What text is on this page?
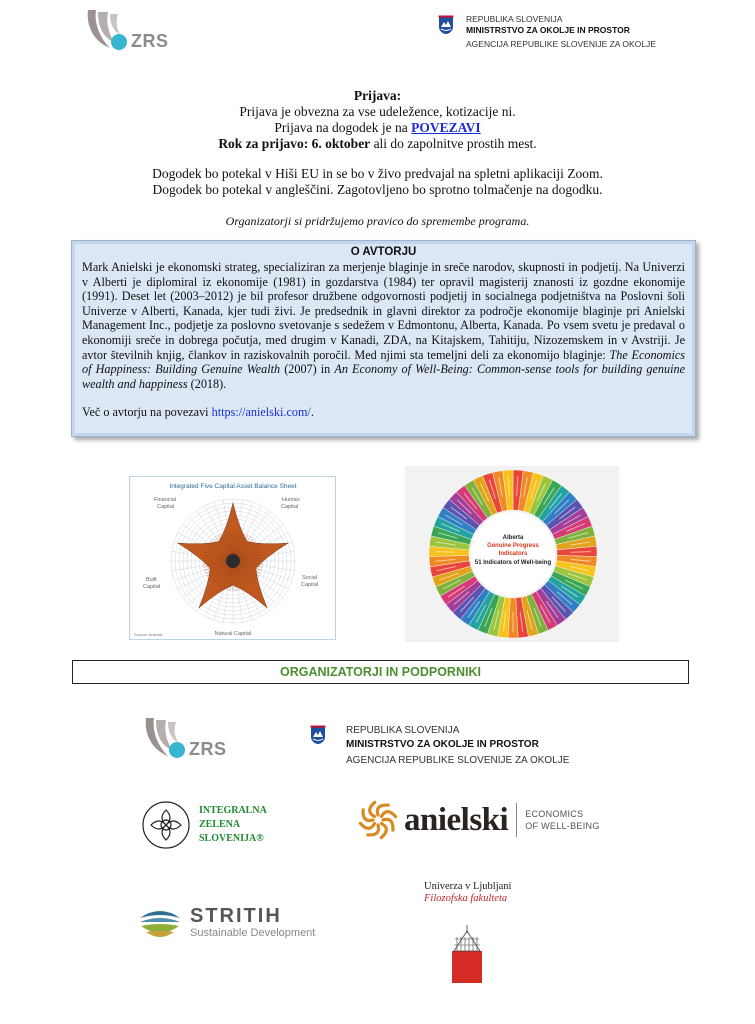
ZRS
REPUBLIKA SLOVENIJA
MINISTRSTVO ZA OKOLJE IN PROSTOR
AGENCIJA REPUBLIKE SLOVENIJE ZA OKOLJE
Prijava:
Prijava je obvezna za vse udeležence, kotizacije ni.
Prijava na dogodek je na POVEZAVI
Rok za prijavo: 6. oktober ali do zapolnitve prostih mest.
Dogodek bo potekal v Hiši EU in se bo v živo predvajal na spletni aplikaciji Zoom.
Dogodek bo potekal v angleščini. Zagotovljeno bo sprotno tolmačenje na dogodku.
Organizatorji si pridržujemo pravico do spremembe programa.
O AVTORJU
Mark Anielski je ekonomski strateg, specializiran za merjenje blaginje in sreče narodov, skupnosti in podjetij. Na Univerzi v Alberti je diplomiral iz ekonomije (1981) in gozdarstva (1984) ter opravil magisterij znanosti iz gozdne ekonomije (1991). Deset let (2003–2012) je bil profesor družbene odgovornosti podjetij in socialnega podjetništva na Poslovni šoli Univerze v Alberti, Kanada, kjer tudi živi. Je predsednik in glavni direktor za področje ekonomije blaginje pri Anielski Management Inc., podjetje za poslovno svetovanje s sedežem v Edmontonu, Alberta, Kanada. Po vsem svetu je predaval o ekonomiji sreče in dobrega počutja, med drugim v Kanadi, ZDA, na Kitajskem, Tahitiju, Nizozemskem in v Avstriji. Je avtor številnih knjig, člankov in raziskovalnih poročil. Med njimi sta temeljni deli za ekonomijo blaginje: The Economics of Happiness: Building Genuine Wealth (2007) in An Economy of Well-Being: Common-sense tools for building genuine wealth and happiness (2018).
Več o avtorju na povezavi https://anielski.com/.
Integrated Five Capital Asset Balance Sheet
Financial Capital
Human Capital
Social Capital
Natural Capital
Built Capital
Source: Anielski
Alberta
Genuine Progress
Indicators
51 Indicators of Well-being
ORGANIZATORJI IN PODPORNIKI
ZRS
REPUBLIKA SLOVENIJA
MINISTRSTVO ZA OKOLJE IN PROSTOR
AGENCIJA REPUBLIKE SLOVENIJE ZA OKOLJE
INTEGRALNA
ZELENA
SLOVENIJA®
anielski ECONOMICS
OF WELL-BEING
Univerza v Ljubljani
Filozofska fakulteta
STRITIH
Sustainable Development
